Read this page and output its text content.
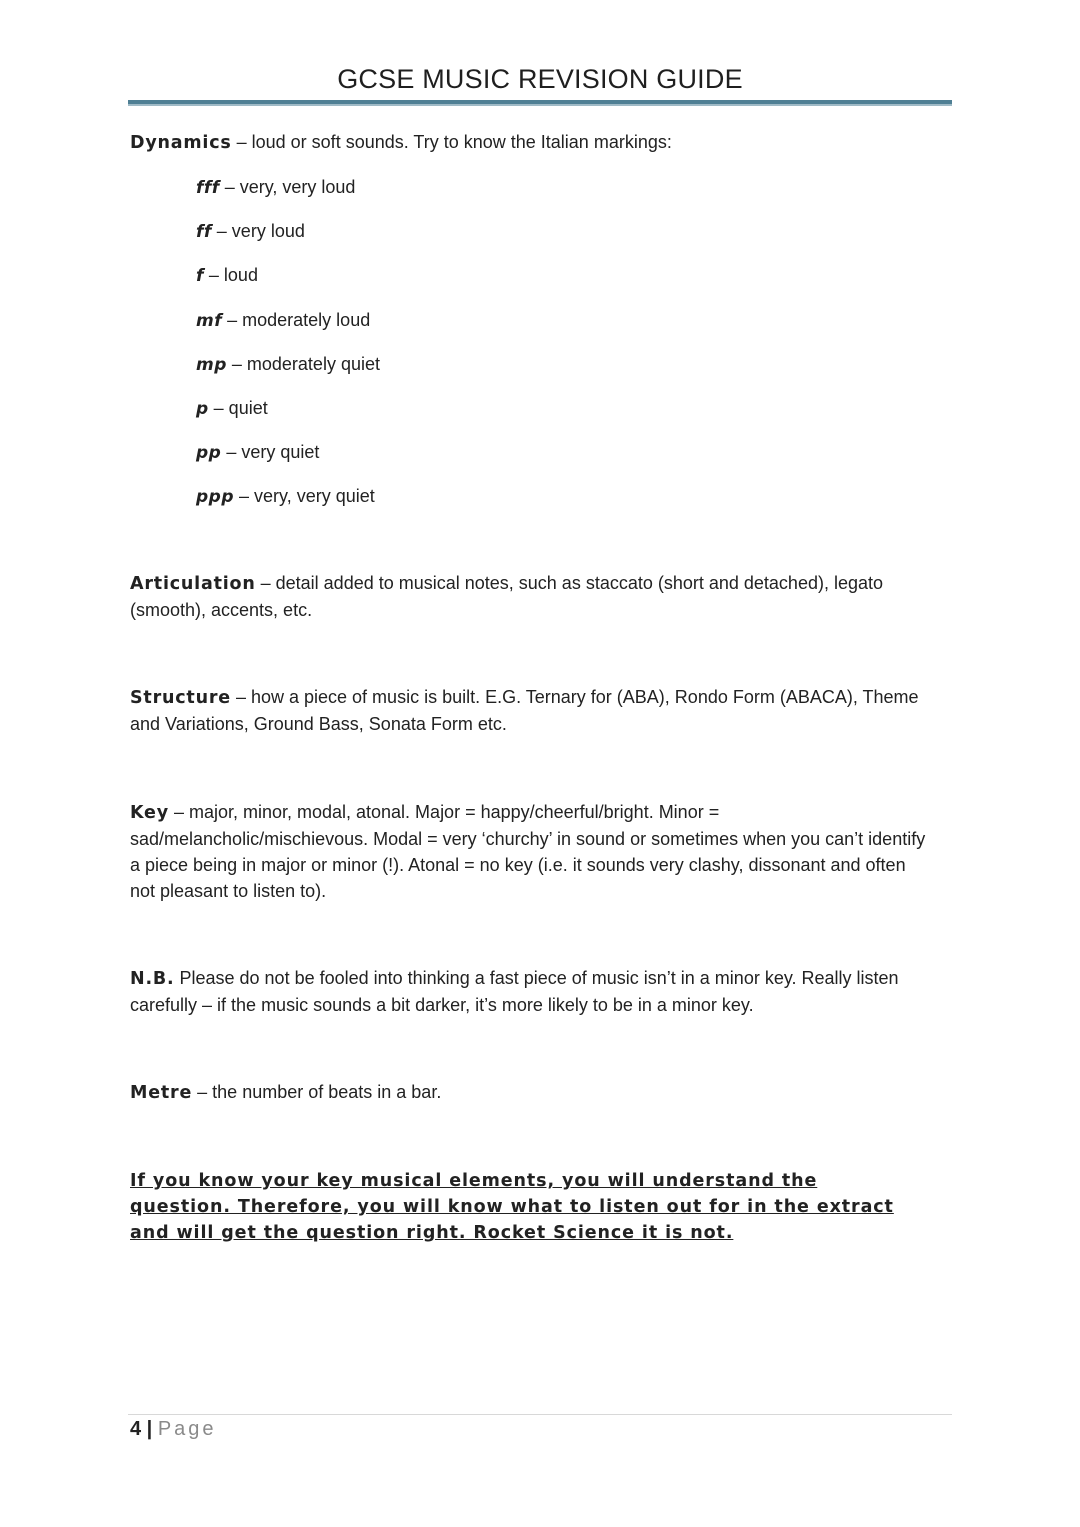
GCSE MUSIC REVISION GUIDE
Dynamics – loud or soft sounds. Try to know the Italian markings:
fff – very, very loud
ff – very loud
f – loud
mf – moderately loud
mp – moderately quiet
p – quiet
pp – very quiet
ppp – very, very quiet
Articulation – detail added to musical notes, such as staccato (short and detached), legato (smooth), accents, etc.
Structure – how a piece of music is built. E.G. Ternary for (ABA), Rondo Form (ABACA), Theme and Variations, Ground Bass, Sonata Form etc.
Key – major, minor, modal, atonal. Major = happy/cheerful/bright. Minor = sad/melancholic/mischievous. Modal = very ‘churchy’ in sound or sometimes when you can’t identify a piece being in major or minor (!). Atonal = no key (i.e. it sounds very clashy, dissonant and often not pleasant to listen to).
N.B. Please do not be fooled into thinking a fast piece of music isn’t in a minor key. Really listen carefully – if the music sounds a bit darker, it’s more likely to be in a minor key.
Metre – the number of beats in a bar.
If you know your key musical elements, you will understand the question. Therefore, you will know what to listen out for in the extract and will get the question right. Rocket Science it is not.
4 | Page
